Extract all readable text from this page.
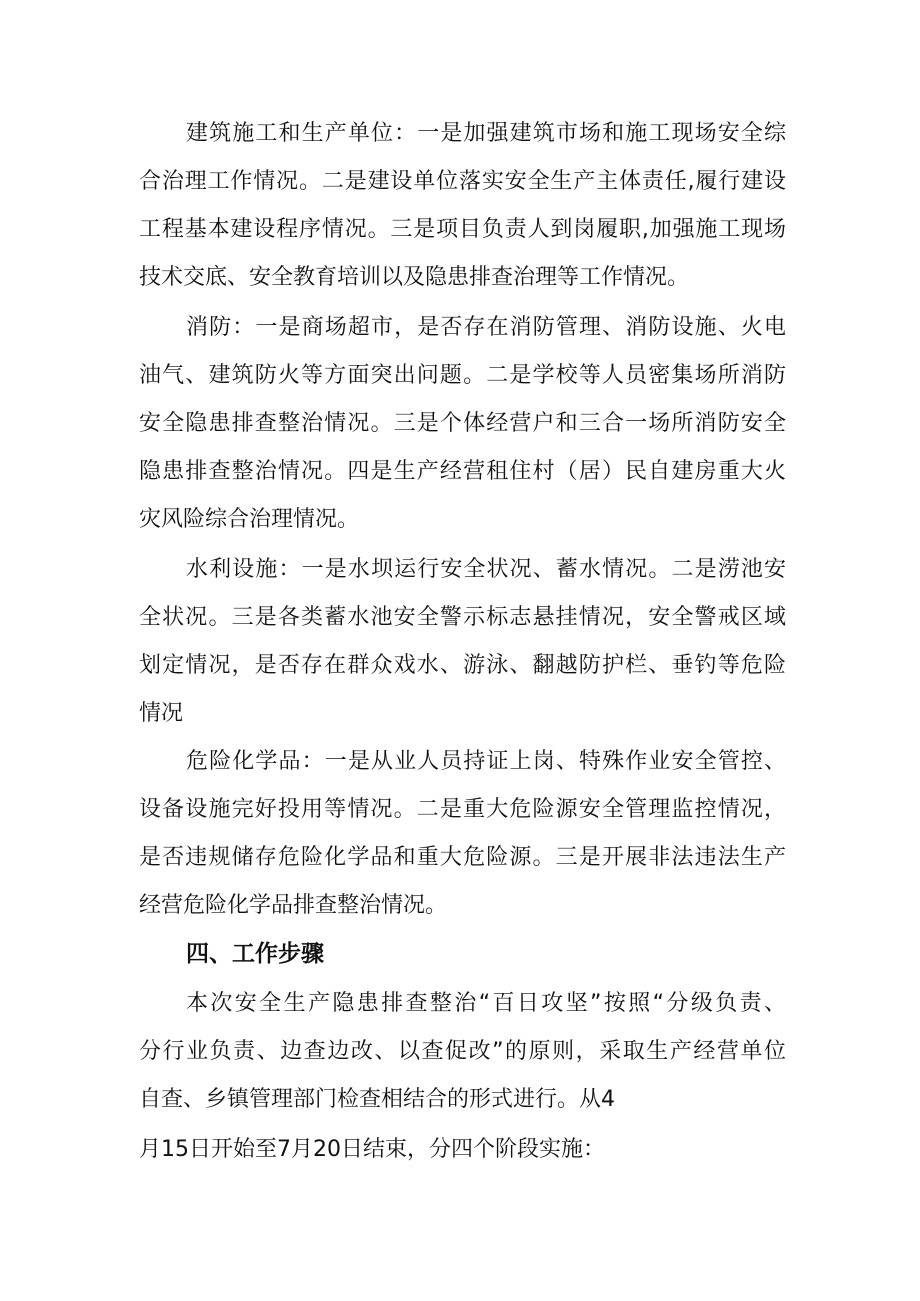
建筑施工和生产单位：一是加强建筑市场和施工现场安全综

合治理工作情况。二是建设单位落实安全生产主体责任,履行建设

工程基本建设程序情况。三是项目负责人到岗履职,加强施工现场

技术交底、安全教育培训以及隐患排查治理等工作情况。

消防：一是商场超市，是否存在消防管理、消防设施、火电

油气、建筑防火等方面突出问题。二是学校等人员密集场所消防

安全隐患排查整治情况。三是个体经营户和三合一场所消防安全

隐患排查整治情况。四是生产经营租住村（居）民自建房重大火

灾风险综合治理情况。

水利设施：一是水坝运行安全状况、蓄水情况。二是涝池安

全状况。三是各类蓄水池安全警示标志悬挂情况，安全警戒区域

划定情况，是否存在群众戏水、游泳、翻越防护栏、垂钓等危险

情况

危险化学品：一是从业人员持证上岗、特殊作业安全管控、

设备设施完好投用等情况。二是重大危险源安全管理监控情况，

是否违规储存危险化学品和重大危险源。三是开展非法违法生产

经营危险化学品排查整治情况。

四、工作步骤

本次安全生产隐患排查整治“百日攻坚”按照“分级负责、

分行业负责、边查边改、以查促改”的原则，采取生产经营单位

自查、乡镇管理部门检查相结合的形式进行。从4

月15日开始至7月20日结束，分四个阶段实施：
